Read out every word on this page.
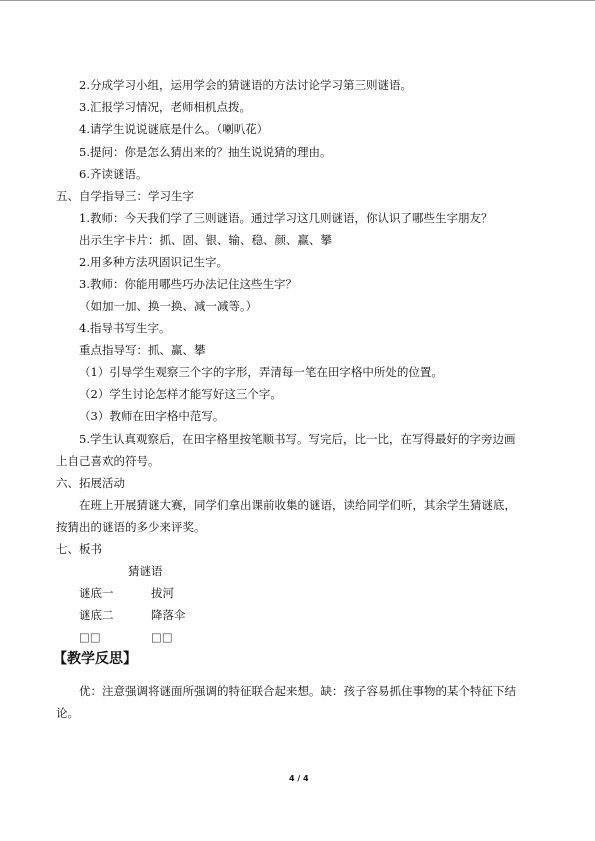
2.分成学习小组，运用学会的猜谜语的方法讨论学习第三则谜语。
3.汇报学习情况，老师相机点拨。
4.请学生说说谜底是什么。（喇叭花）
5.提问：你是怎么猜出来的？抽生说说猜的理由。
6.齐读谜语。
五、自学指导三：学习生字
1.教师：今天我们学了三则谜语。通过学习这几则谜语，你认识了哪些生字朋友？
出示生字卡片：抓、固、银、输、稳、颜、赢、攀
2.用多种方法巩固识记生字。
3.教师：你能用哪些巧办法记住这些生字？
（如加一加、换一换、减一减等。）
4.指导书写生字。
重点指导写：抓、赢、攀
（1）引导学生观察三个字的字形，弄清每一笔在田字格中所处的位置。
（2）学生讨论怎样才能写好这三个字。
（3）教师在田字格中范写。
5.学生认真观察后，在田字格里按笔顺书写。写完后，比一比，在写得最好的字旁边画
上自己喜欢的符号。
六、拓展活动
在班上开展猜谜大赛，同学们拿出课前收集的谜语，读给同学们听，其余学生猜谜底，
按猜出的谜语的多少来评奖。
七、板书
猜谜语
谜底一	拔河
谜底二	降落伞
□□	□□
【教学反思】
优：注意强调将谜面所强调的特征联合起来想。缺：孩子容易抓住事物的某个特征下结
论。
4 / 4
